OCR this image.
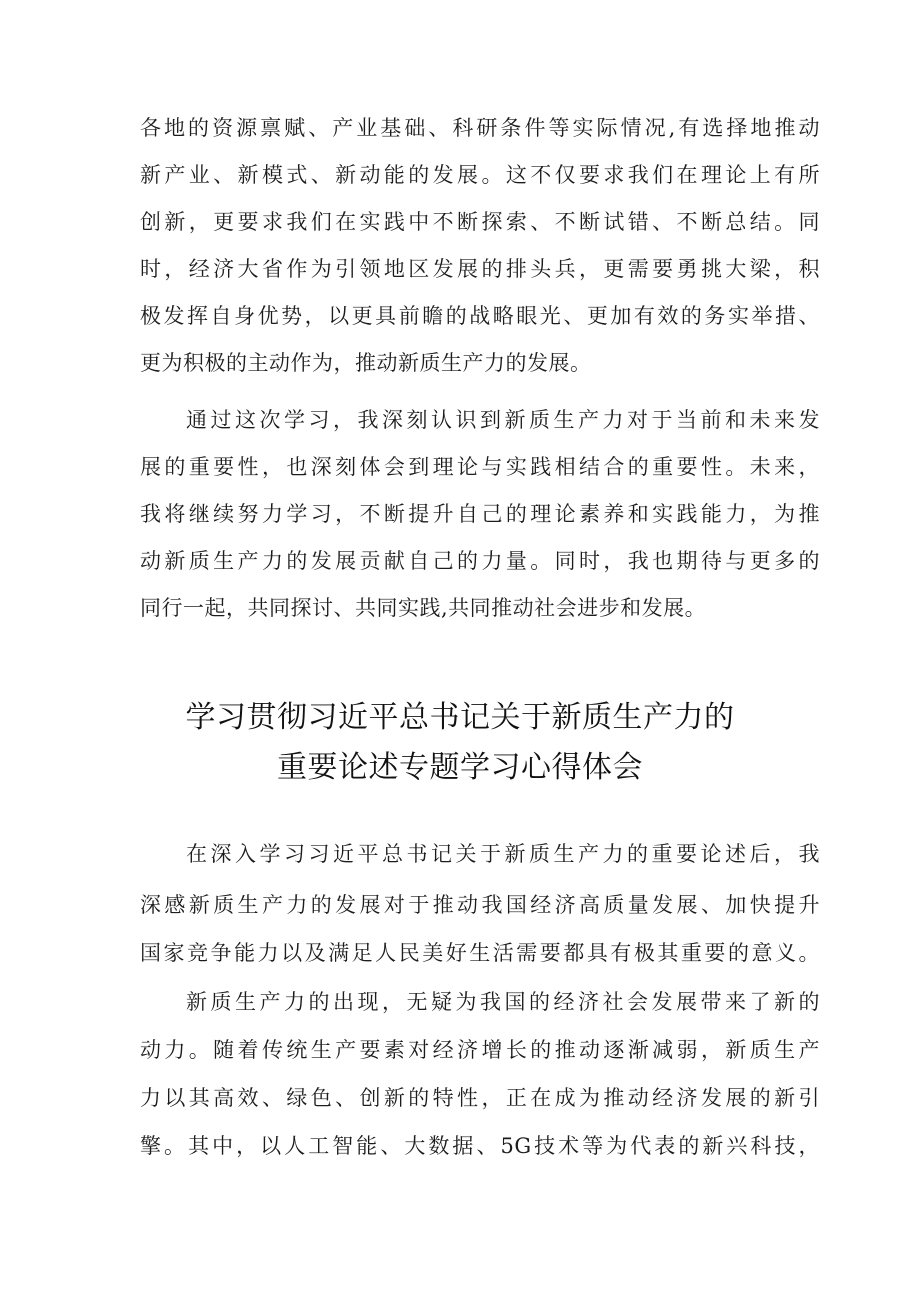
各地的资源禀赋、产业基础、科研条件等实际情况,有选择地推动
新产业、新模式、新动能的发展。这不仅要求我们在理论上有所
创新，更要求我们在实践中不断探索、不断试错、不断总结。同
时，经济大省作为引领地区发展的排头兵，更需要勇挑大梁，积
极发挥自身优势，以更具前瞻的战略眼光、更加有效的务实举措、
更为积极的主动作为，推动新质生产力的发展。
通过这次学习，我深刻认识到新质生产力对于当前和未来发
展的重要性，也深刻体会到理论与实践相结合的重要性。未来，
我将继续努力学习，不断提升自己的理论素养和实践能力，为推
动新质生产力的发展贡献自己的力量。同时，我也期待与更多的
同行一起，共同探讨、共同实践,共同推动社会进步和发展。
学习贯彻习近平总书记关于新质生产力的
重要论述专题学习心得体会
在深入学习习近平总书记关于新质生产力的重要论述后，我
深感新质生产力的发展对于推动我国经济高质量发展、加快提升
国家竞争能力以及满足人民美好生活需要都具有极其重要的意义。
新质生产力的出现，无疑为我国的经济社会发展带来了新的
动力。随着传统生产要素对经济增长的推动逐渐减弱，新质生产
力以其高效、绿色、创新的特性，正在成为推动经济发展的新引
擎。其中，以人工智能、大数据、5G技术等为代表的新兴科技，
